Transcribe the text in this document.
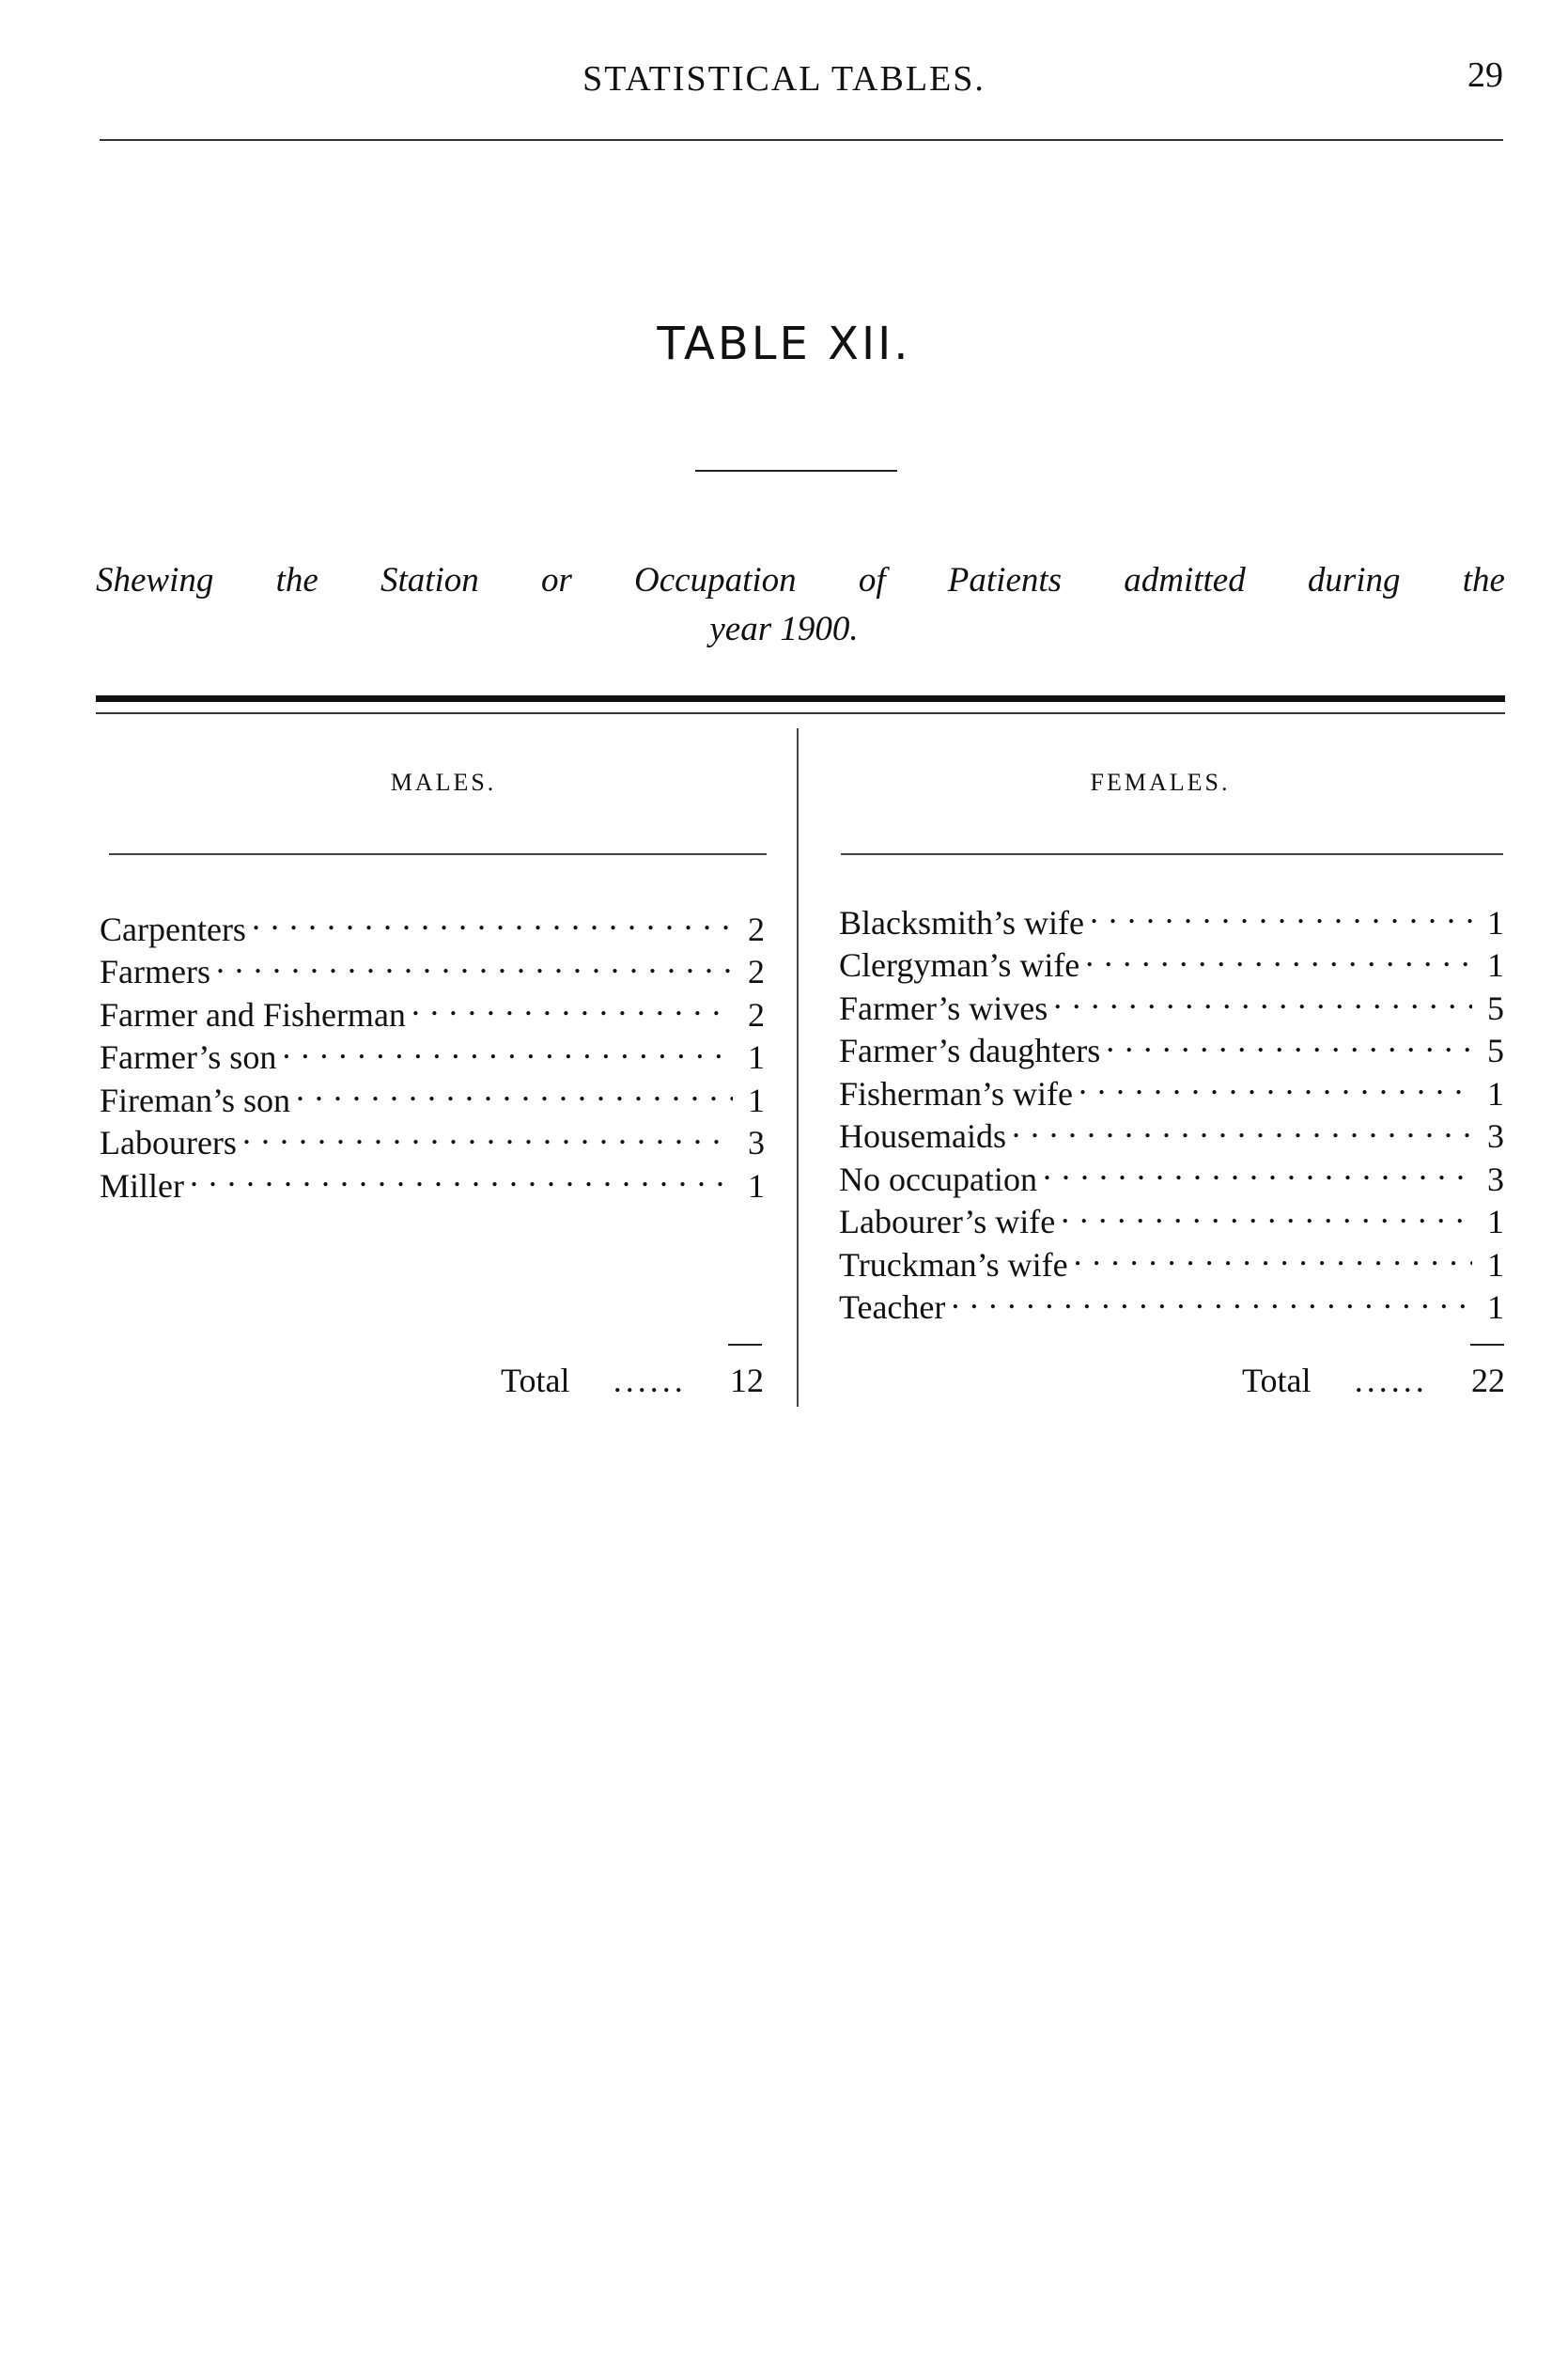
STATISTICAL TABLES.	29
TABLE XII.
Shewing the Station or Occupation of Patients admitted during the
year 1900.
MALES.	FEMALES.
Carpenters . . .	2
Farmers . . .	2
Farmer and Fisherman . . .	2
Farmer’s son . . .	1
Fireman’s son . . .	1
Labourers . . .	3
Miller . . .	1
Blacksmith’s wife . . .	1
Clergyman’s wife . . .	1
Farmer’s wives . . .	5
Farmer’s daughters . . .	5
Fisherman’s wife . . .	1
Housemaids . . .	3
No occupation . . .	3
Labourer’s wife . . .	1
Truckman’s wife . . .	1
Teacher . . .	1
Total	......	12	Total	......	22
